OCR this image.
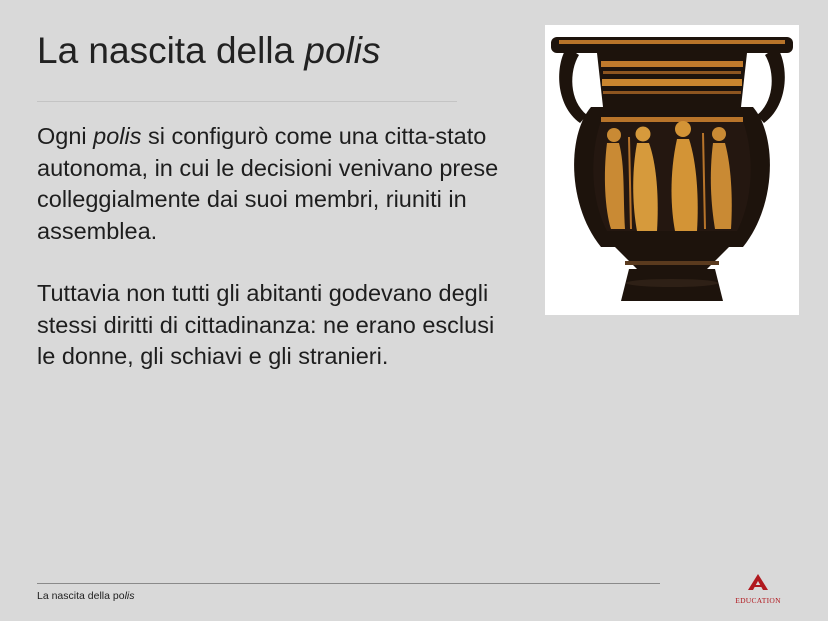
La nascita della polis

Ogni polis si configurò come una citta-stato autonoma, in cui le decisioni venivano prese colleggialmente dai suoi membri, riuniti in assemblea.

Tuttavia non tutti gli abitanti godevano degli stessi diritti di cittadinanza: ne erano esclusi le donne, gli schiavi e gli stranieri.

La nascita della polis	EDUCATION
